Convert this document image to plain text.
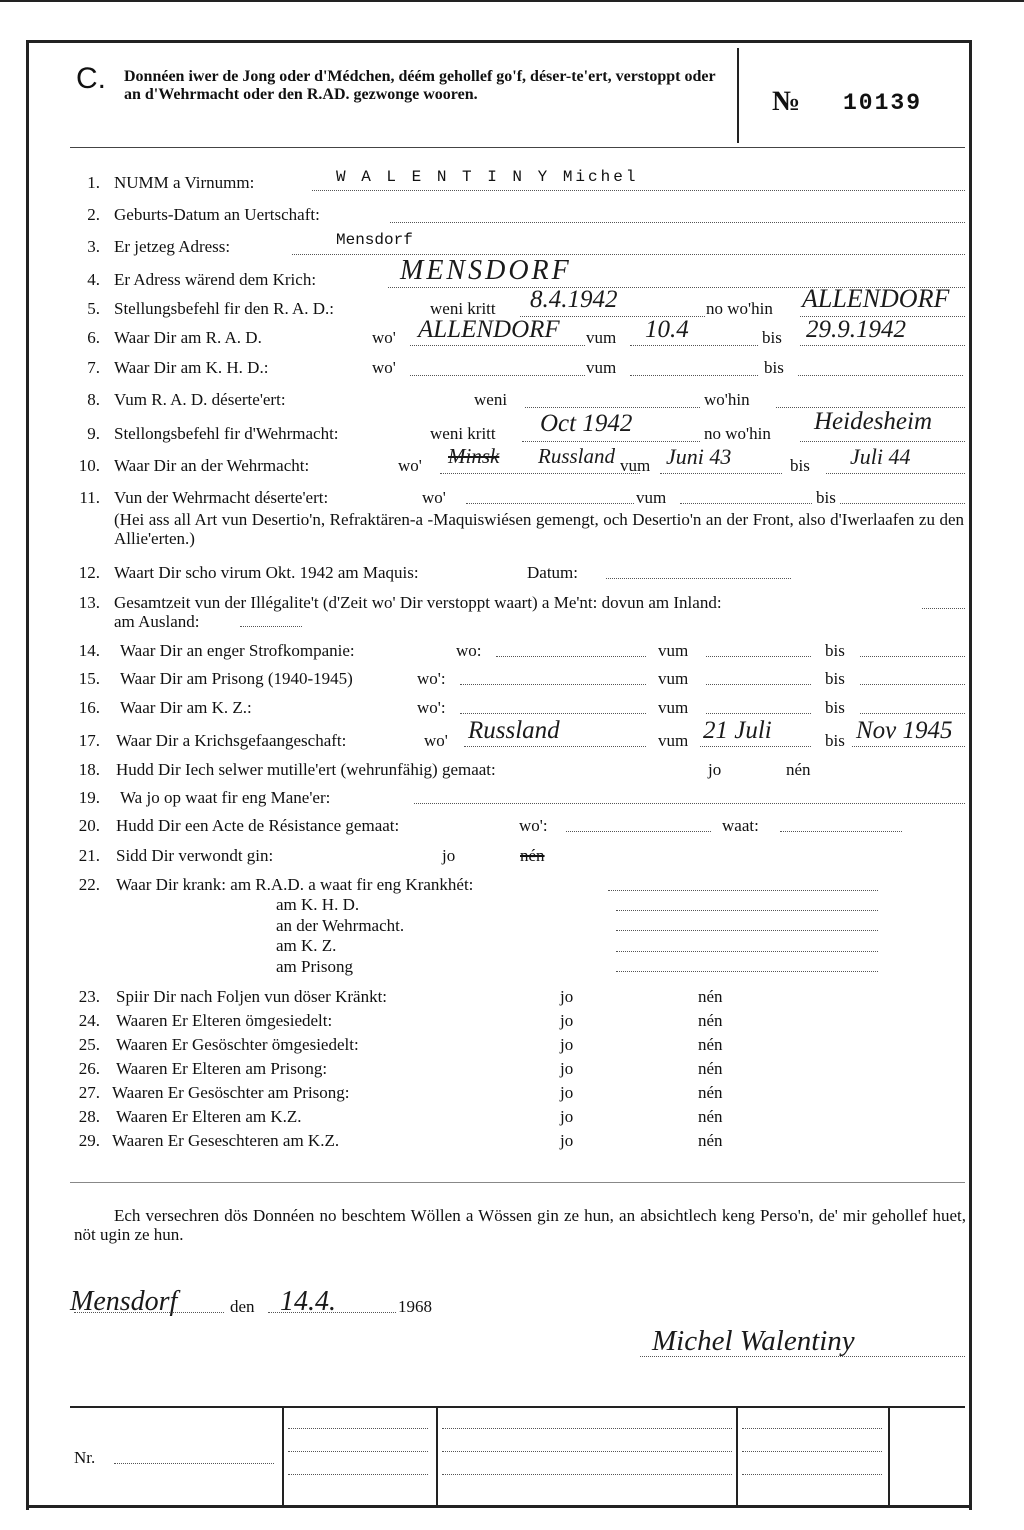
C. Donnéen iwer de Jong oder d'Médchen, déém gehollef go'f, déser-te'ert, verstoppt oder an d'Wehrmacht oder den R.AD. gezwonge wooren.	№ 10139
1. NUMM a Virnumm:	W A L E N T I N Y Michel
2. Geburts-Datum an Uertschaft:
3. Er jetzeg Adress:	Mensdorf
4. Er Adress wärend dem Krich:	MENSDORF
5. Stellungsbefehl fir den R. A. D.:	weni kritt 8.4.1942	no wo'hin ALLENDORF
6. Waar Dir am R. A. D.	wo' ALLENDORF vum 10.4	bis 29.9.1942
7. Waar Dir am K. H. D.:	wo'	vum	bis
8. Vum R. A. D. déserte'ert:	weni	wo'hin
9. Stellongsbefehl fir d'Wehrmacht:	weni kritt Oct 1942	no wo'hin Heidesheim
10. Waar Dir an der Wehrmacht:	wo' Minsk Russland vum Juni 43	bis Juli 44
11. Vun der Wehrmacht déserte'ert:	wo'	vum	bis
(Hei ass all Art vun Desertio'n, Refraktären-a -Maquiswiésen gemengt, och Desertio'n an der Front, also d'Iwerlaafen zu den Allie'erten.)
12. Waart Dir scho virum Okt. 1942 am Maquis:	Datum:
13. Gesamtzeit vun der Illégalite't (d'Zeit wo' Dir verstoppt waart) a Me'nt: dovun am Inland:
am Ausland:
14. Waar Dir an enger Strofkompanie:	wo:	vum	bis
15. Waar Dir am Prisong (1940-1945)	wo':	vum	bis
16. Waar Dir am K. Z.:	wo':	vum	bis
17. Waar Dir a Krichsgefaangeschaft:	wo' Russland	vum 21 Juli	bis Nov 1945
18. Hudd Dir Iech selwer mutille'ert (wehrunfähig) gemaat:	jo	nén
19. Wa jo op waat fir eng Mane'er:
20. Hudd Dir een Acte de Résistance gemaat:	wo':	waat:
21. Sidd Dir verwondt gin:	jo	nén
22. Waar Dir krank: am R.A.D. a waat fir eng Krankhét:
am K. H. D.
an der Wehrmacht.
am K. Z.
am Prisong
23. Spiir Dir nach Foljen vun döser Kränkt:	jo	nén
24. Waaren Er Elteren ömgesiedelt:	jo	nén
25. Waaren Er Gesöschter ömgesiedelt:	jo	nén
26. Waaren Er Elteren am Prisong:	jo	nén
27. Waaren Er Gesöschter am Prisong:	jo	nén
28. Waaren Er Elteren am K.Z.	jo	nén
29. Waaren Er Geseschteren am K.Z.	jo	nén
Ech versechren dös Donnéen no beschtem Wöllen a Wössen gin ze hun, an absichtlech keng Perso'n, de' mir gehollef huet, nöt ugin ze hun.
Mensdorf	den 14.4.	1968
Michel Walentiny
Nr.
